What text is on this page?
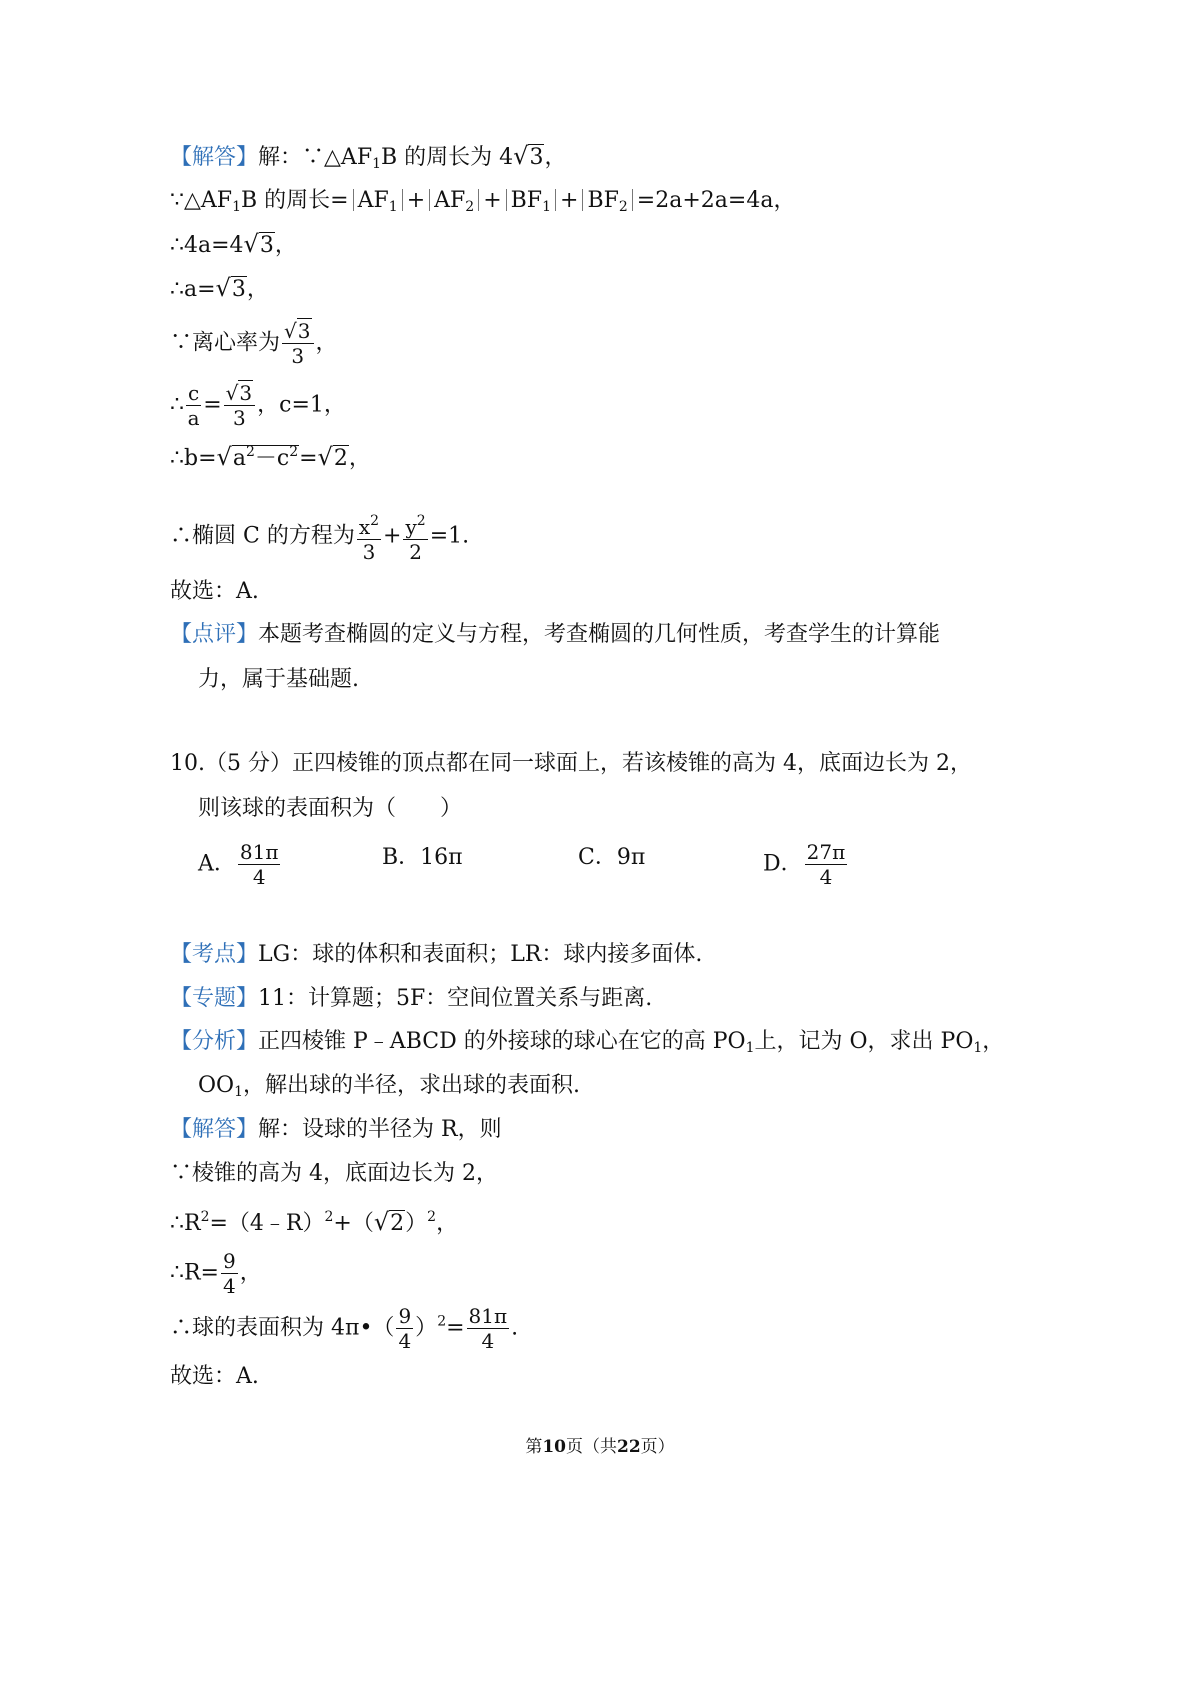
【解答】解：$\because\triangle AF_1B$ 的周长为 4√3，
$\because\triangle AF_1B$ 的周长= $AF_1 + AF_2 + BF_1 + BF_2 =2a+2a=4a$，
∴4a=4√3，
∴a=√3，
∵离心率为 $\frac{√3}{3}$ ，
∴ $\frac{c}{a} = \frac{√3}{3}$ ，c=1，
$\therefore b=√a^2-c^2=√2$，
∴椭圆 C 的方程为 $\frac{x^2}{3} + \frac{y^2}{2} =1$.
故选：A.
【点评】本题考查椭圆的定义与方程，考查椭圆的几何性质，考查学生的计算能
力，属于基础题.
10.（5 分）正四棱锥的顶点都在同一球面上，若该棱锥的高为 4，底面边长为 2，
则该球的表面积为（　　）
A． $\frac{81\pi}{4}$	B．16π	C．9π	D． $\frac{27\pi}{4}$
【考点】LG：球的体积和表面积；LR：球内接多面体.
【专题】11：计算题；5F：空间位置关系与距离.
【分析】正四棱锥 P﹣ABCD 的外接球的球心在它的高 $PO_1$上，记为 O，求出 $PO_1$，
$OO_1$，解出球的半径，求出球的表面积.
【解答】解：设球的半径为 R，则
∵棱锥的高为 4，底面边长为 2，
$\therefore R^2=(4﹣R)^2+(√2)^2$，
∴R= $\frac{9}{4}$ ，
∴球的表面积为 4π•（ $\frac{9}{4} )^2= \frac{81\pi}{4}$ .
故选：A.
第10页（共22页）
